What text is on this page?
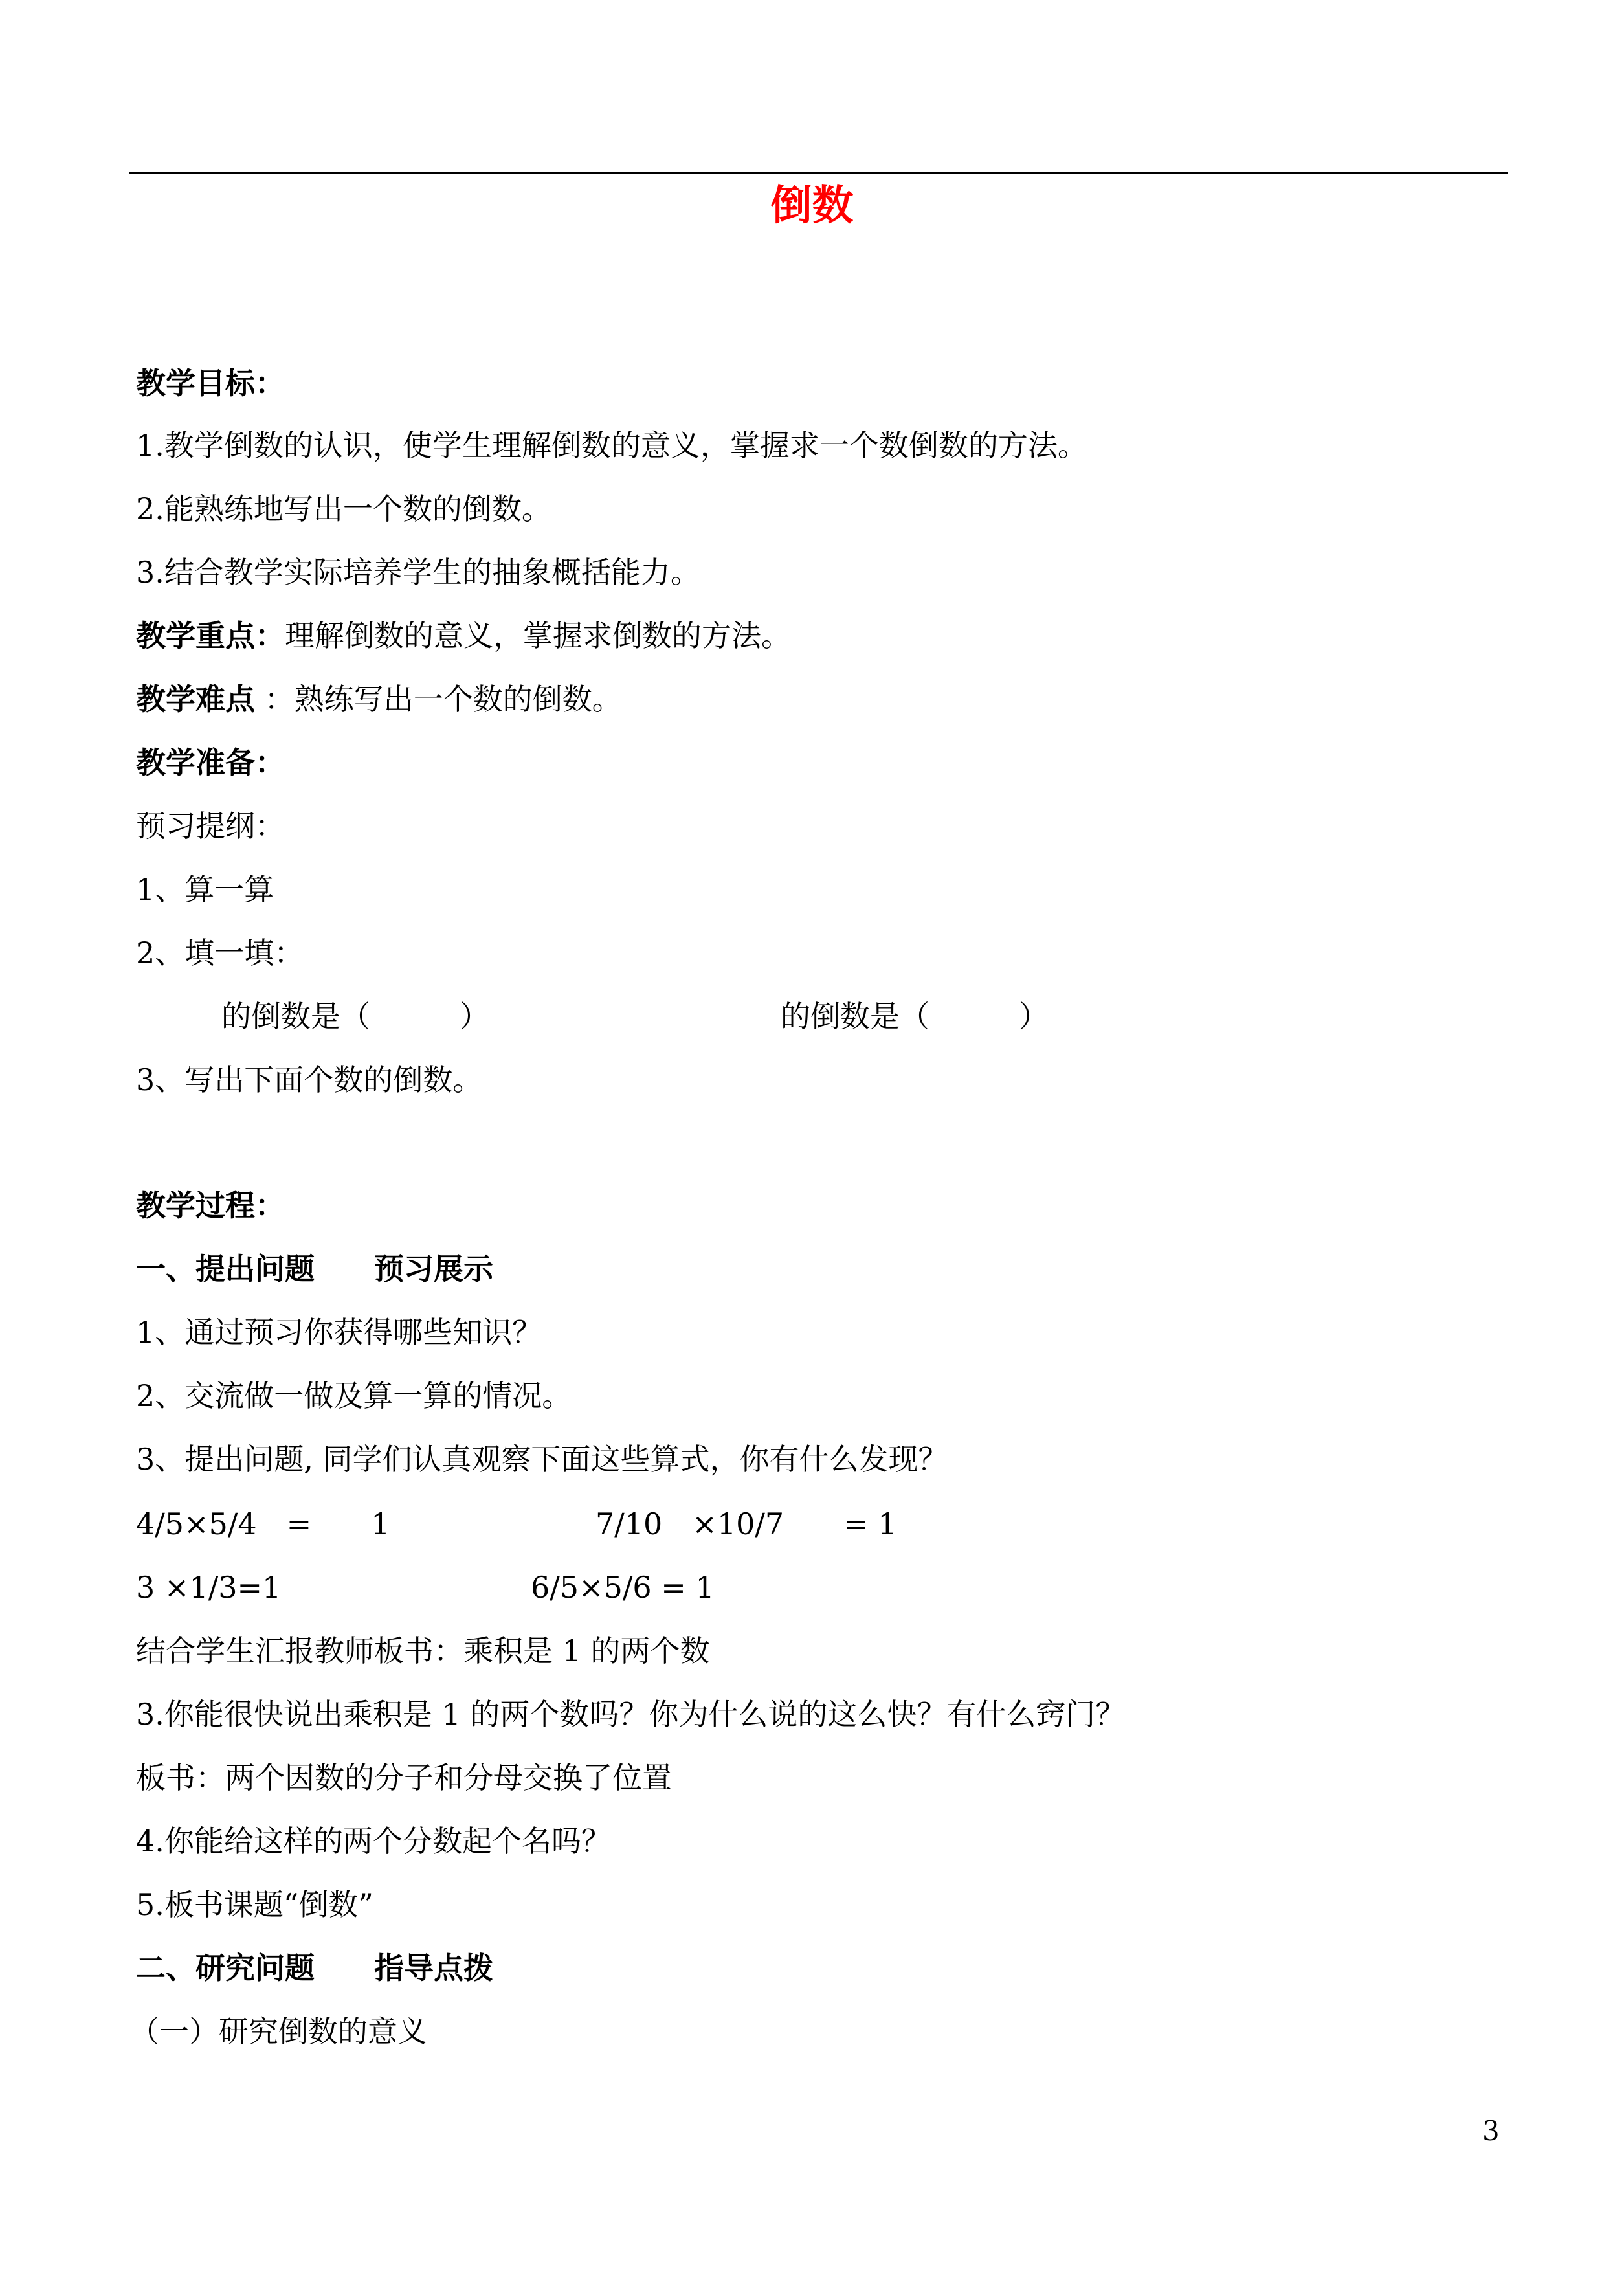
倒数
教学目标：
1.教学倒数的认识，使学生理解倒数的意义，掌握求一个数倒数的方法。
2.能熟练地写出一个数的倒数。
3.结合教学实际培养学生的抽象概括能力。
教学重点：理解倒数的意义，掌握求倒数的方法。
教学难点 ：熟练写出一个数的倒数。
教学准备：
预习提纲：
1、算一算
2、填一填：
的倒数是（　　　）	的倒数是（　　　）
3、写出下面个数的倒数。
教学过程：
一、提出问题　　预习展示
1、通过预习你获得哪些知识？
2、交流做一做及算一算的情况。
3、提出问题, 同学们认真观察下面这些算式，你有什么发现？
4/5×5/4　=　　1	7/10　×10/7　　= 1
3 ×1/3=1	6/5×5/6 = 1
结合学生汇报教师板书：乘积是 1 的两个数
3.你能很快说出乘积是 1 的两个数吗？你为什么说的这么快？有什么窍门？
板书：两个因数的分子和分母交换了位置
4.你能给这样的两个分数起个名吗？
5.板书课题“倒数”
二、研究问题　　指导点拨
（一）研究倒数的意义
3
